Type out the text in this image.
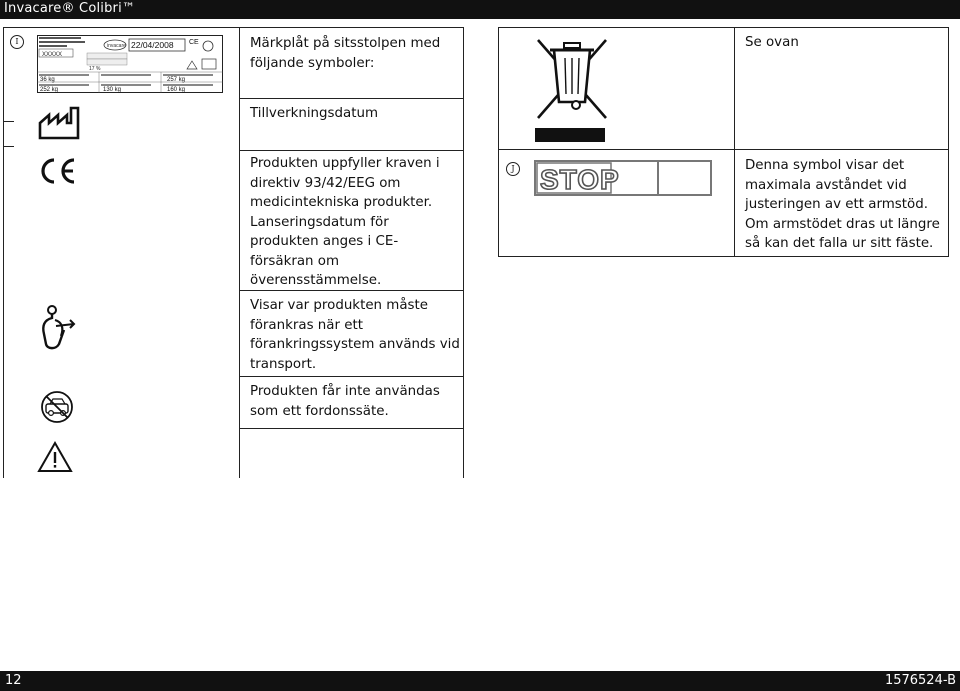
Invacare® Colibri™
I	invacare 22/04/2008 CE
XXXXX
17 %
36 kg	257 kg
252 kg	130 kg	160 kg
Märkplåt på sitsstolpen med följande symboler:
Tillverkningsdatum
Produkten uppfyller kraven i direktiv 93/42/EEG om medicintekniska produkter. Lanseringsdatum för produkten anges i CE-försäkran om överensstämmelse.
Visar var produkten måste förankras när ett förankringssystem används vid transport.
Produkten får inte användas som ett fordonssäte.
Se ovan
J STOP	Denna symbol visar det maximala avståndet vid justeringen av ett armstöd. Om armstödet dras ut längre så kan det falla ur sitt fäste.
12	1576524-B
